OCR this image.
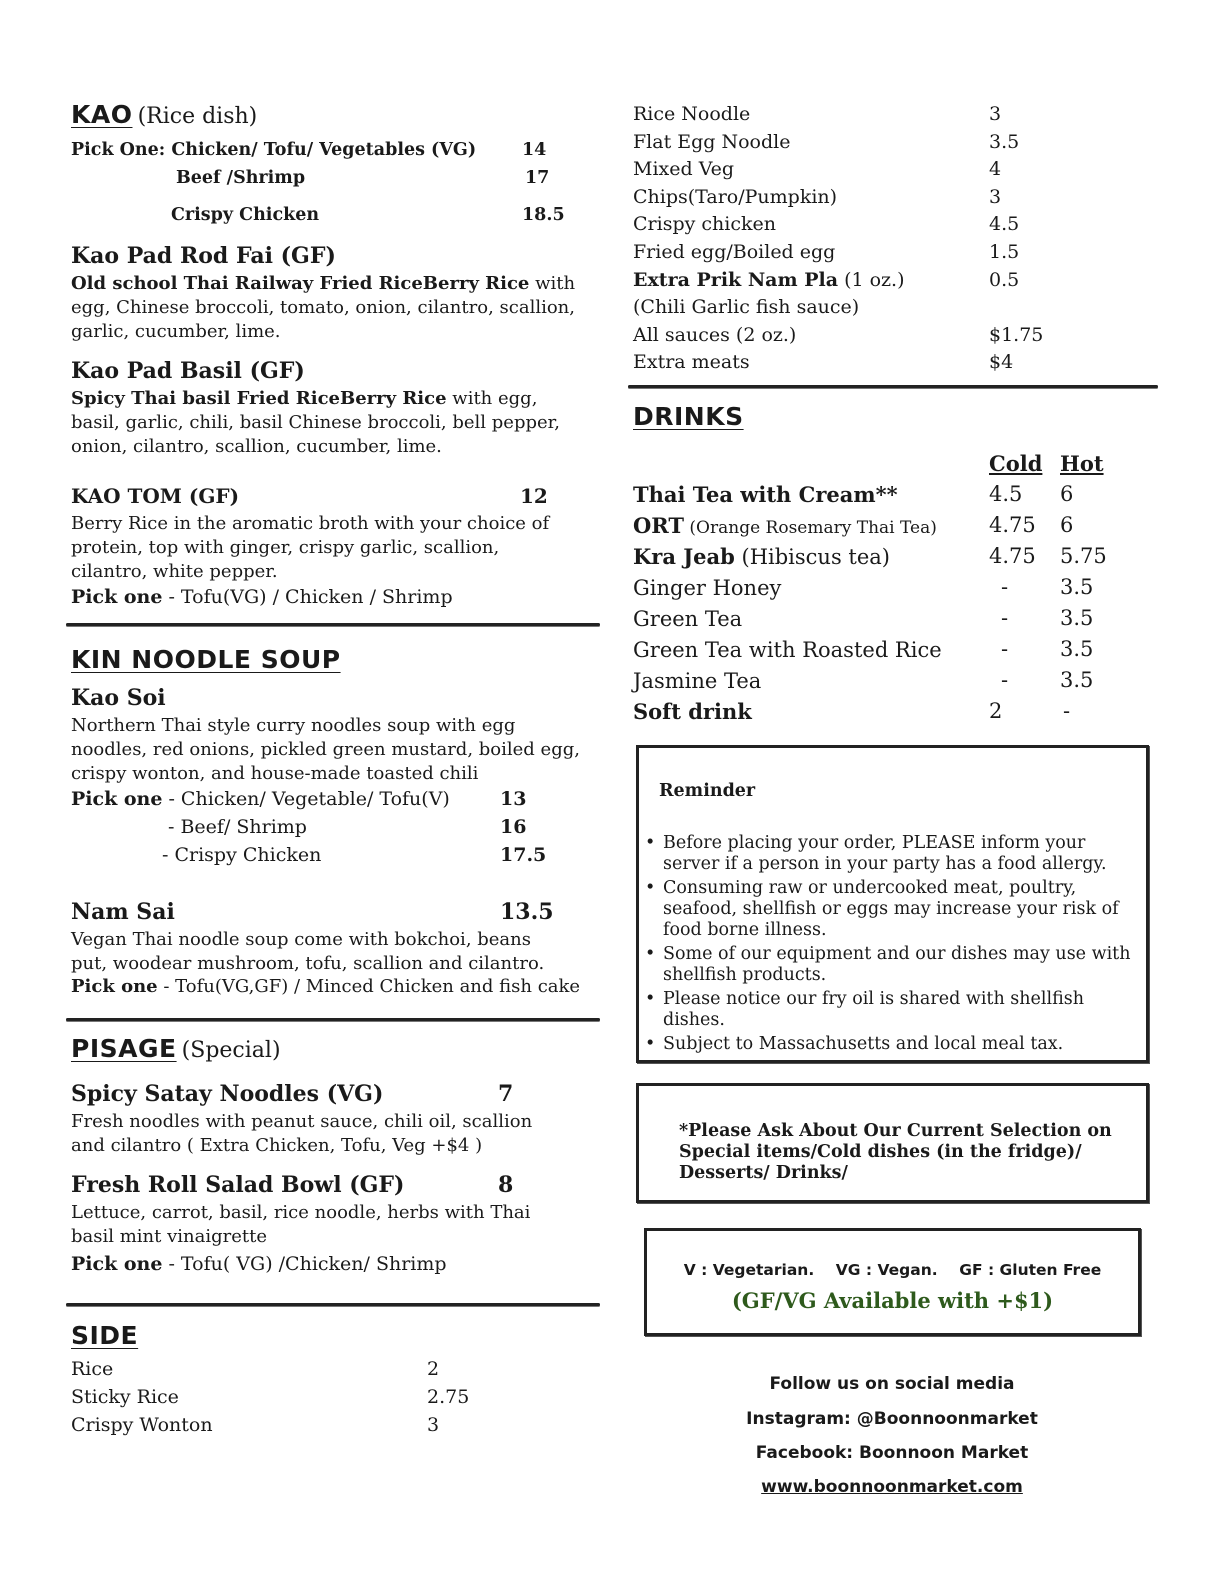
KAO (Rice dish)
Pick One: Chicken/ Tofu/ Vegetables (VG)	14
Beef /Shrimp	17
Crispy Chicken	18.5
Kao Pad Rod Fai (GF)
Old school Thai Railway Fried RiceBerry Rice with egg, Chinese broccoli, tomato, onion, cilantro, scallion, garlic, cucumber, lime.
Kao Pad Basil (GF)
Spicy Thai basil Fried RiceBerry Rice with egg, basil, garlic, chili, basil Chinese broccoli, bell pepper, onion, cilantro, scallion, cucumber, lime.
KAO TOM (GF)	12
Berry Rice in the aromatic broth with your choice of protein, top with ginger, crispy garlic, scallion, cilantro, white pepper.
Pick one - Tofu(VG) / Chicken / Shrimp
KIN NOODLE SOUP
Kao Soi
Northern Thai style curry noodles soup with egg noodles, red onions, pickled green mustard, boiled egg, crispy wonton, and house-made toasted chili
Pick one - Chicken/ Vegetable/ Tofu(V)	13
- Beef/ Shrimp	16
- Crispy Chicken	17.5
Nam Sai	13.5
Vegan Thai noodle soup come with bokchoi, beans put, woodear mushroom, tofu, scallion and cilantro.
Pick one - Tofu(VG,GF) / Minced Chicken and fish cake
PISAGE (Special)
Spicy Satay Noodles (VG)	7
Fresh noodles with peanut sauce, chili oil, scallion and cilantro ( Extra Chicken, Tofu, Veg +$4 )
Fresh Roll Salad Bowl (GF)	8
Lettuce, carrot, basil, rice noodle, herbs with Thai basil mint vinaigrette
Pick one - Tofu( VG) /Chicken/ Shrimp
SIDE
Rice	2
Sticky Rice	2.75
Crispy Wonton	3
Rice Noodle	3
Flat Egg Noodle	3.5
Mixed Veg	4
Chips(Taro/Pumpkin)	3
Crispy chicken	4.5
Fried egg/Boiled egg	1.5
Extra Prik Nam Pla (1 oz.)	0.5
(Chili Garlic fish sauce)
All sauces (2 oz.)	$1.75
Extra meats	$4
DRINKS
Cold Hot
Thai Tea with Cream**	4.5 6
ORT (Orange Rosemary Thai Tea) 4.75 6
Kra Jeab (Hibiscus tea)	4.75 5.75
Ginger Honey	- 3.5
Green Tea	- 3.5
Green Tea with Roasted Rice	- 3.5
Jasmine Tea	- 3.5
Soft drink	2	-
Reminder
• Before placing your order, PLEASE inform your server if a person in your party has a food allergy.
• Consuming raw or undercooked meat, poultry, seafood, shellfish or eggs may increase your risk of food borne illness.
• Some of our equipment and our dishes may use with shellfish products.
• Please notice our fry oil is shared with shellfish dishes.
• Subject to Massachusetts and local meal tax.
*Please Ask About Our Current Selection on Special items/Cold dishes (in the fridge)/ Desserts/ Drinks/
V : Vegetarian.    VG : Vegan.    GF : Gluten Free
(GF/VG Available with +$1)
Follow us on social media
Instagram: @Boonnoonmarket
Facebook: Boonnoon Market
www.boonnoonmarket.com
